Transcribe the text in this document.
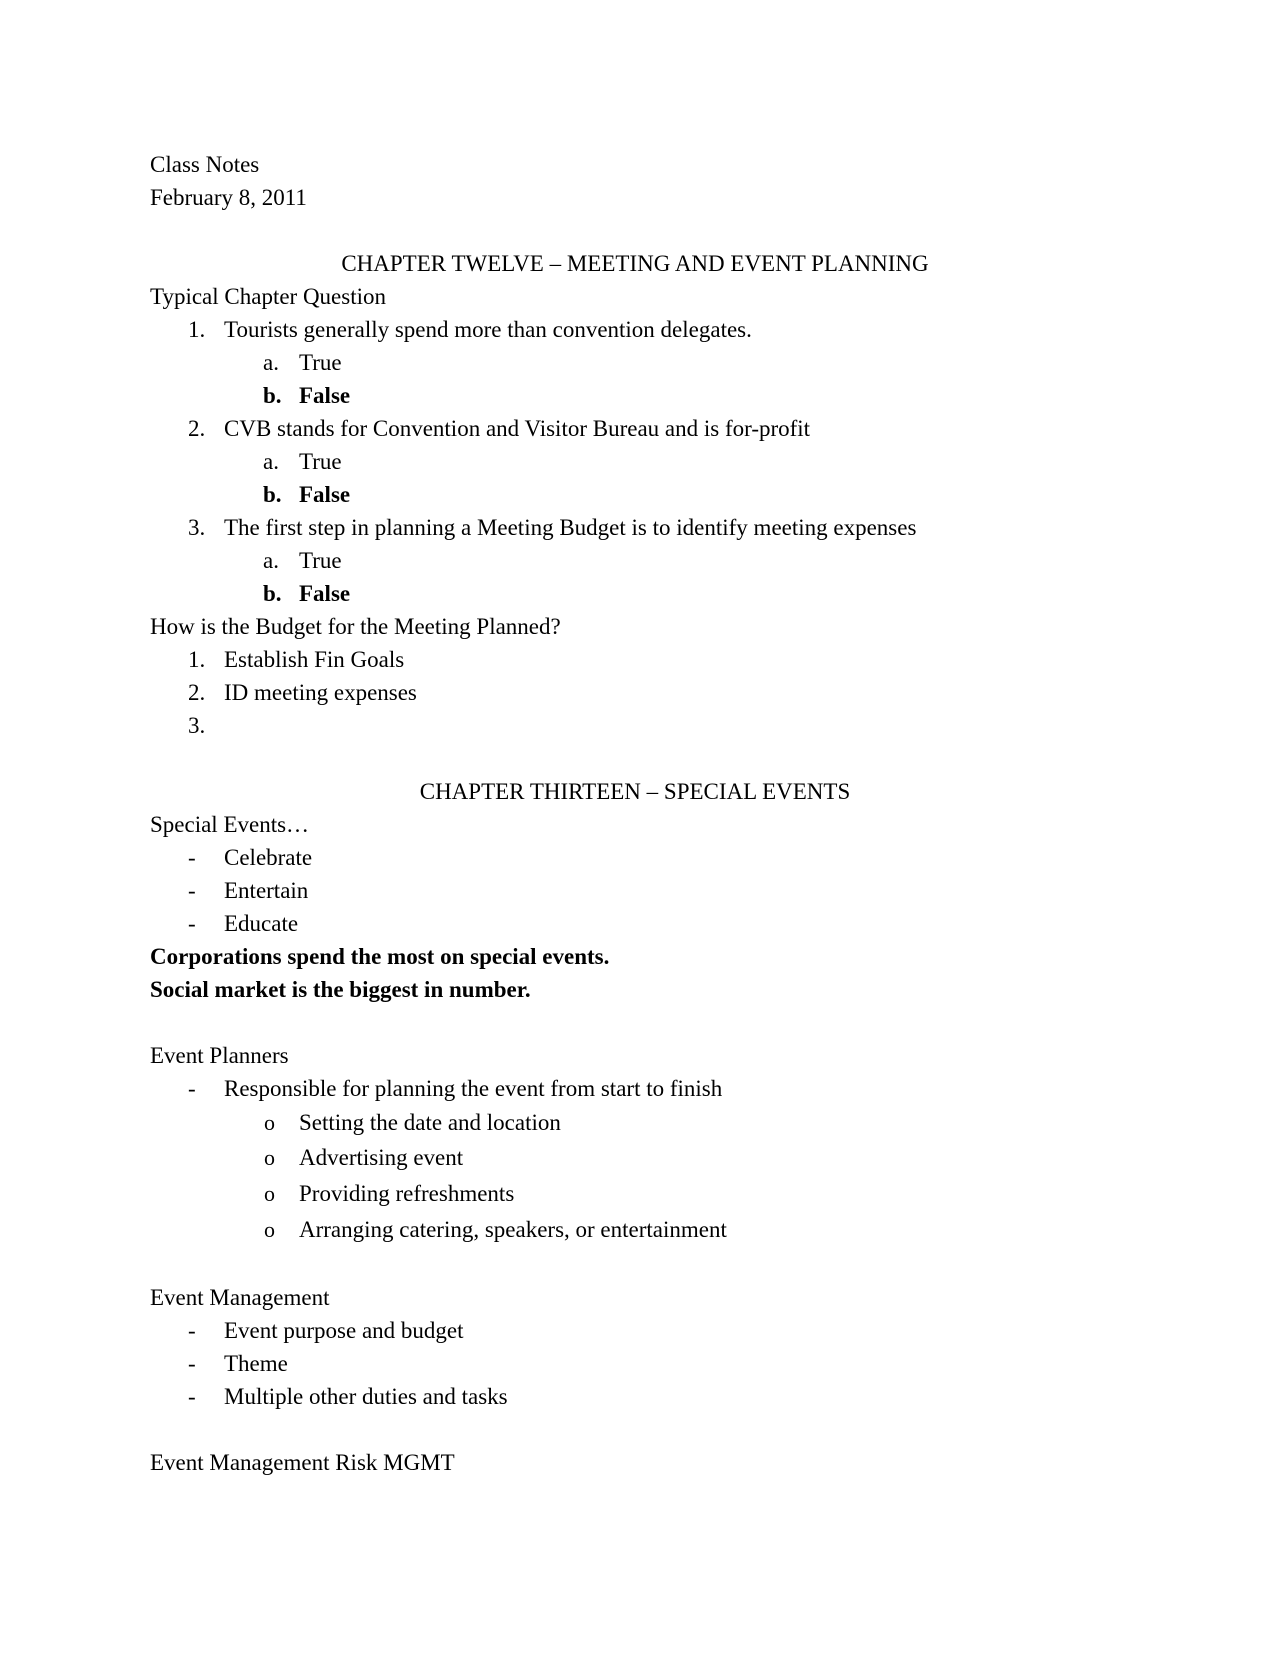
Class Notes
February 8, 2011
CHAPTER TWELVE – MEETING AND EVENT PLANNING
Typical Chapter Question
1. Tourists generally spend more than convention delegates.
a. True
b. False
2. CVB stands for Convention and Visitor Bureau and is for-profit
a. True
b. False
3. The first step in planning a Meeting Budget is to identify meeting expenses
a. True
b. False
How is the Budget for the Meeting Planned?
1. Establish Fin Goals
2. ID meeting expenses
3.
CHAPTER THIRTEEN – SPECIAL EVENTS
Special Events…
- Celebrate
- Entertain
- Educate
Corporations spend the most on special events.
Social market is the biggest in number.
Event Planners
- Responsible for planning the event from start to finish
o Setting the date and location
o Advertising event
o Providing refreshments
o Arranging catering, speakers, or entertainment
Event Management
- Event purpose and budget
- Theme
- Multiple other duties and tasks
Event Management Risk MGMT
